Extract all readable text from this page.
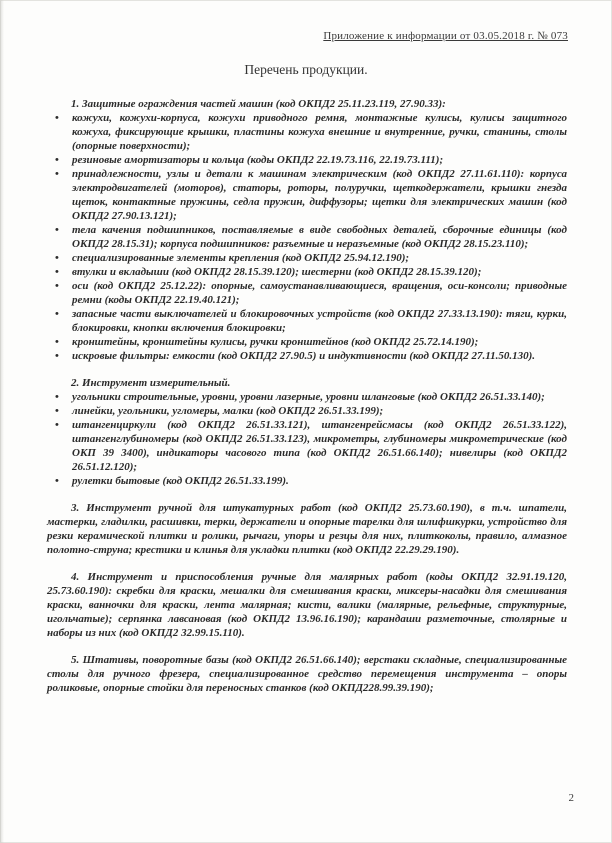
Приложение к информации от 03.05.2018 г. № 073
Перечень продукции.

1. Защитные ограждения частей машин (код ОКПД2 25.11.23.119, 27.90.33):

• кожухи, кожухи-корпуса, кожухи приводного ремня, монтажные кулисы, кулисы защитного кожуха, фиксирующие крышки, пластины кожуха внешние и внутренние, ручки, станины, столы (опорные поверхности);
• резиновые амортизаторы и кольца (коды ОКПД2 22.19.73.116, 22.19.73.111);
• принадлежности, узлы и детали к машинам электрическим (код ОКПД2 27.11.61.110): корпуса электродвигателей (моторов), статоры, роторы, полуручки, щеткодержатели, крышки гнезда щеток, контактные пружины, седла пружин, диффузоры; щетки для электрических машин (код ОКПД2 27.90.13.121);
• тела качения подшипников, поставляемые в виде свободных деталей, сборочные единицы (код ОКПД2 28.15.31); корпуса подшипников: разъемные и неразъемные (код ОКПД2 28.15.23.110);
• специализированные элементы крепления (код ОКПД2 25.94.12.190);
• втулки и вкладыши (код ОКПД2 28.15.39.120); шестерни (код ОКПД2 28.15.39.120);
• оси (код ОКПД2 25.12.22): опорные, самоустанавливающиеся, вращения, оси-консоли; приводные ремни (коды ОКПД2 22.19.40.121);
• запасные части выключателей и блокировочных устройств (код ОКПД2 27.33.13.190): тяги, курки, блокировки, кнопки включения блокировки;
• кронштейны, кронштейны кулисы, ручки кронштейнов (код ОКПД2 25.72.14.190);
• искровые фильтры: емкости (код ОКПД2 27.90.5) и индуктивности (код ОКПД2 27.11.50.130).

2. Инструмент измерительный.

• угольники строительные, уровни, уровни лазерные, уровни шланговые (код ОКПД2 26.51.33.140);
• линейки, угольники, угломеры, малки (код ОКПД2 26.51.33.199);
• штангенциркули (код ОКПД2 26.51.33.121), штангенрейсмасы (код ОКПД2 26.51.33.122), штангенглубиномеры (код ОКПД2 26.51.33.123), микрометры, глубиномеры микрометрические (код ОКП 39 3400), индикаторы часового типа (код ОКПД2 26.51.66.140); нивелиры (код ОКПД2 26.51.12.120);
• рулетки бытовые (код ОКПД2 26.51.33.199).

3. Инструмент ручной для штукатурных работ (код ОКПД2 25.73.60.190), в т.ч. шпатели, мастерки, гладилки, расшивки, терки, держатели и опорные тарелки для шлифшкурки, устройство для резки керамической плитки и ролики, рычаги, упоры и резцы для них, плиткоколы, правило, алмазное полотно-струна; крестики и клинья для укладки плитки (код ОКПД2 22.29.29.190).

4. Инструмент и приспособления ручные для малярных работ (коды ОКПД2 32.91.19.120, 25.73.60.190): скребки для краски, мешалки для смешивания краски, миксеры-насадки для смешивания краски, ванночки для краски, лента малярная; кисти, валики (малярные, рельефные, структурные, игольчатые); серпянка лавсановая (код ОКПД2 13.96.16.190); карандаши разметочные, столярные и наборы из них (код ОКПД2 32.99.15.110).

5. Штативы, поворотные базы (код ОКПД2 26.51.66.140); верстаки складные, специализированные столы для ручного фрезера, специализированное средство перемещения инструмента – опоры роликовые, опорные стойки для переносных станков (код ОКПД228.99.39.190);

2
